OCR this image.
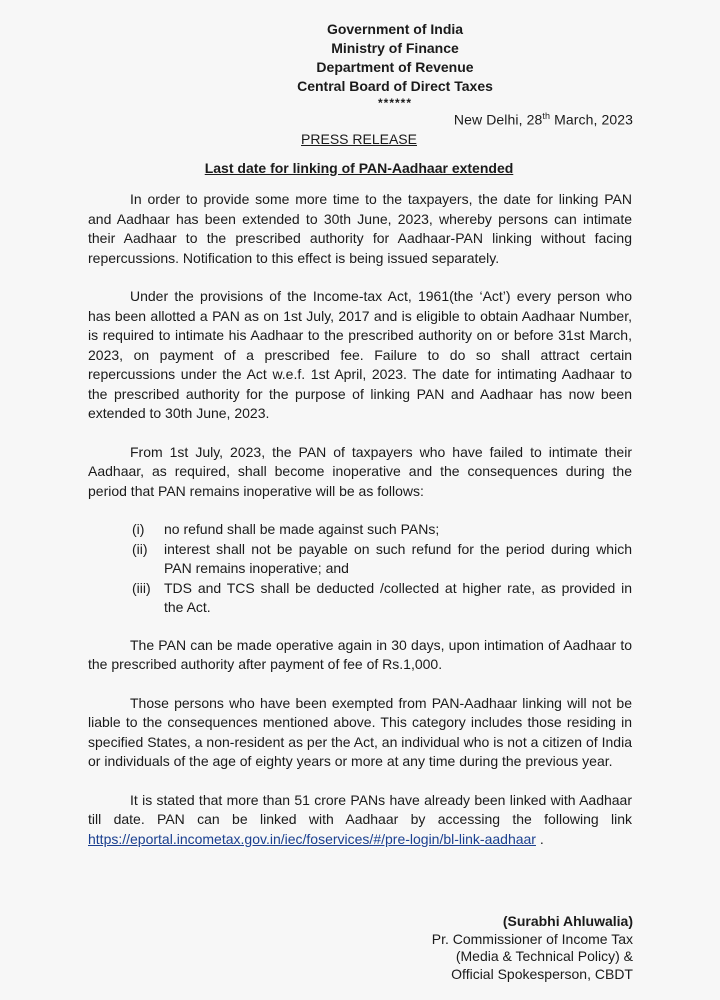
Government of India
Ministry of Finance
Department of Revenue
Central Board of Direct Taxes
******
New Delhi, 28th March, 2023
PRESS RELEASE
Last date for linking of PAN-Aadhaar extended

In order to provide some more time to the taxpayers, the date for linking PAN and Aadhaar has been extended to 30th June, 2023, whereby persons can intimate their Aadhaar to the prescribed authority for Aadhaar-PAN linking without facing repercussions. Notification to this effect is being issued separately.

Under the provisions of the Income-tax Act, 1961(the ‘Act’) every person who has been allotted a PAN as on 1st July, 2017 and is eligible to obtain Aadhaar Number, is required to intimate his Aadhaar to the prescribed authority on or before 31st March, 2023, on payment of a prescribed fee. Failure to do so shall attract certain repercussions under the Act w.e.f. 1st April, 2023. The date for intimating Aadhaar to the prescribed authority for the purpose of linking PAN and Aadhaar has now been extended to 30th June, 2023.

From 1st July, 2023, the PAN of taxpayers who have failed to intimate their Aadhaar, as required, shall become inoperative and the consequences during the period that PAN remains inoperative will be as follows:

(i) no refund shall be made against such PANs;
(ii) interest shall not be payable on such refund for the period during which PAN remains inoperative; and
(iii) TDS and TCS shall be deducted /collected at higher rate, as provided in the Act.

The PAN can be made operative again in 30 days, upon intimation of Aadhaar to the prescribed authority after payment of fee of Rs.1,000.

Those persons who have been exempted from PAN-Aadhaar linking will not be liable to the consequences mentioned above. This category includes those residing in specified States, a non-resident as per the Act, an individual who is not a citizen of India or individuals of the age of eighty years or more at any time during the previous year.

It is stated that more than 51 crore PANs have already been linked with Aadhaar till date. PAN can be linked with Aadhaar by accessing the following link https://eportal.incometax.gov.in/iec/foservices/#/pre-login/bl-link-aadhaar .

(Surabhi Ahluwalia)
Pr. Commissioner of Income Tax
(Media & Technical Policy) &
Official Spokesperson, CBDT
